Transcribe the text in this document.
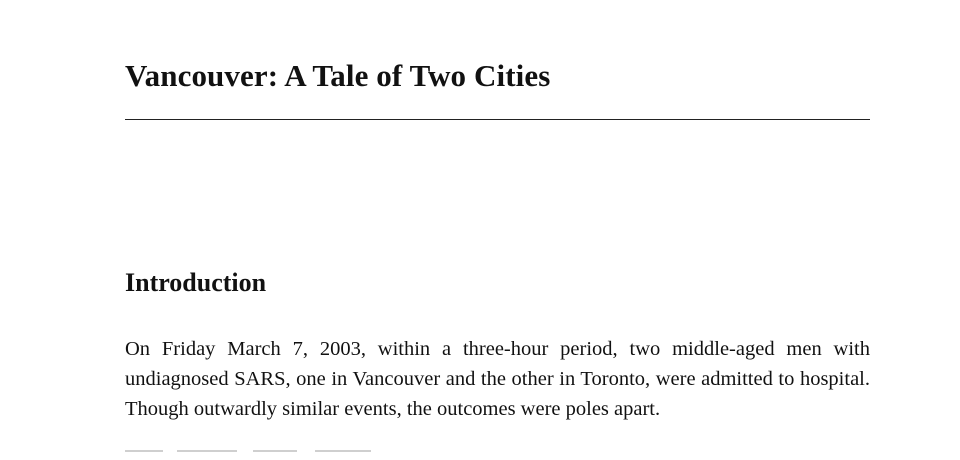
Vancouver: A Tale of Two Cities
Introduction

On Friday March 7, 2003, within a three-hour period, two middle-aged men with undiagnosed SARS, one in Vancouver and the other in Toronto, were admitted to hospital. Though outwardly similar events, the outcomes were poles apart.
